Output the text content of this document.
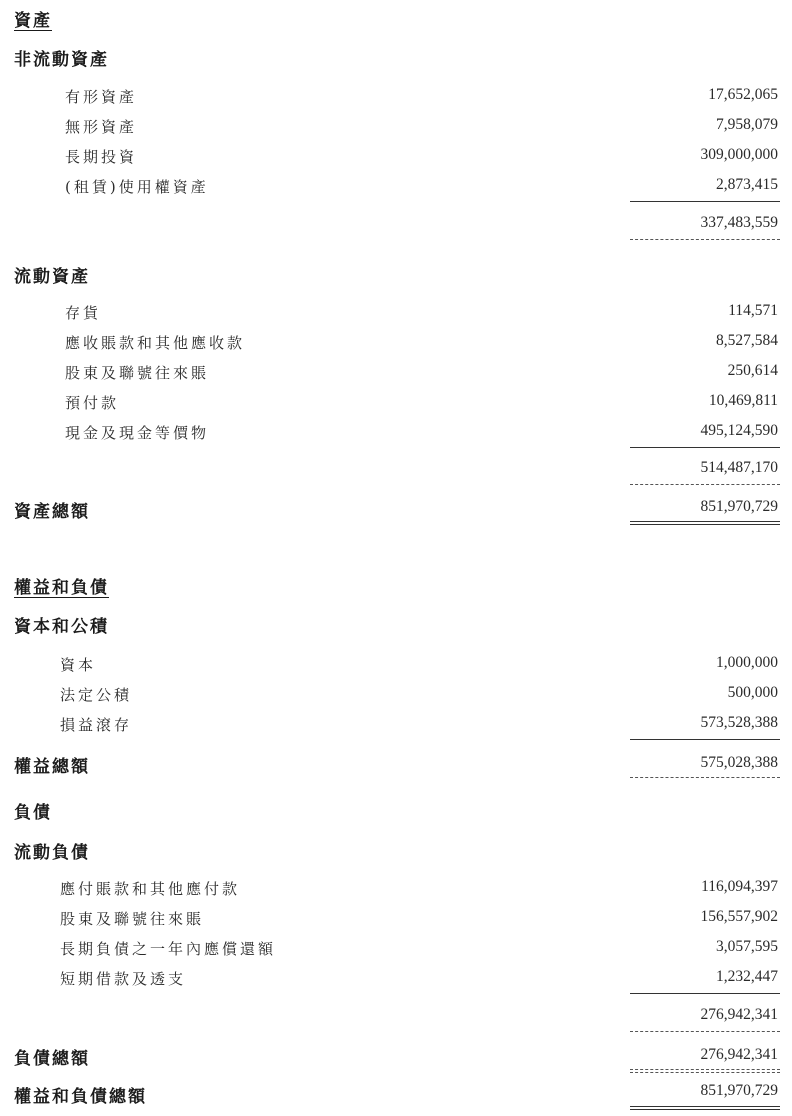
資產
非流動資產
有形資產	17,652,065
無形資產	7,958,079
長期投資	309,000,000
(租賃)使用權資產	2,873,415
337,483,559
流動資產
存貨	114,571
應收賬款和其他應收款	8,527,584
股東及聯號往來賬	250,614
預付款	10,469,811
現金及現金等價物	495,124,590
514,487,170
資產總額	851,970,729
權益和負債
資本和公積
資本	1,000,000
法定公積	500,000
損益滾存	573,528,388
權益總額	575,028,388
負債
流動負債
應付賬款和其他應付款	116,094,397
股東及聯號往來賬	156,557,902
長期負債之一年內應償還額	3,057,595
短期借款及透支	1,232,447
276,942,341
負債總額	276,942,341
權益和負債總額	851,970,729
